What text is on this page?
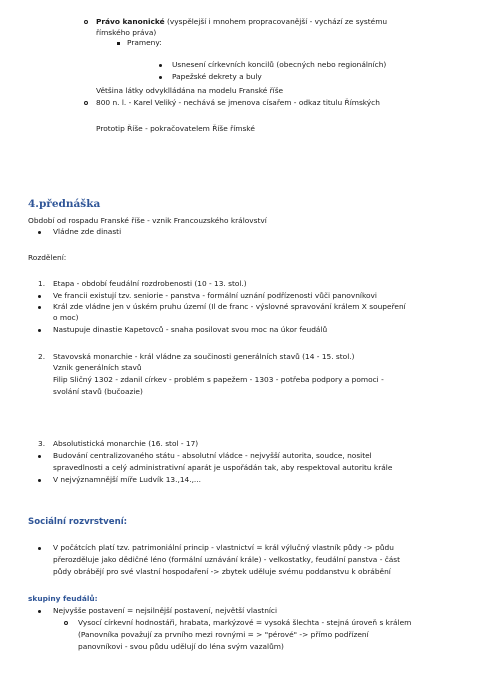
Právo kanonické (vyspělejší i mnohem propracovanější - vychází ze systému
římského práva)
Prameny:
Usnesení církevních koncilů (obecných nebo regionálních)
Papežské dekrety a buly
Většina látky odvyklládána na modelu Franské říše
800 n. l. - Karel Veliký - nechává se jmenova císařem - odkaz titulu Římských
Prototip Říše - pokračovatelem Říše římské
4.přednáška
Období od rospadu Franské říše - vznik Francouzského království
Vládne zde dinasti
Rozdělení:
1. Etapa - období feudální rozdrobenosti (10 - 13. stol.)
Ve francii existují tzv. seniorie - panstva - formální uznání podřízenosti vůči panovníkovi
Král zde vládne jen v úském pruhu území (Il de franc - výslovné spravování králem X soupeření
o moc)
Nastupuje dinastie Kapetovců - snaha posilovat svou moc na úkor feudálů
2. Stavovská monarchie - král vládne za součinosti generálních stavů (14 - 15. stol.)
Vznik generálních stavů
Filip Sličný 1302 - zdanil církev - problém s papežem - 1303 - potřeba podpory a pomoci -
svolání stavů (bučoazie)
3. Absolutistická monarchie (16. stol - 17)
Budování centralizovaného státu - absolutní vládce - nejvyšší autorita, soudce, nositel
spravedlnosti a celý administrativní aparát je uspořádán tak, aby respektoval autoritu krále
V nejvýznamnější míře Ludvík 13.,14.,...
Sociální rozvrstvení:
V počátcích platí tzv. patrimoniální princip - vlastnictví = král výlučný vlastník půdy -> půdu
přerozděluje jako dědičné léno (formální uznávání krále) - velkostatky, feudální panstva - část
půdy obrábějí pro své vlastní hospodaření -> zbytek uděluje svému poddanstvu k obrábění
skupiny feudálů:
Nejvyšše postavení = nejsilnější postavení, největší vlastníci
Vysocí církevní hodnostáři, hrabata, markýzové = vysoká šlechta - stejná úroveň s králem
(Panovníka považují za prvního mezi rovnými = > "pérové" -> přímo podřízení
panovníkovi - svou půdu udělují do léna svým vazalům)
